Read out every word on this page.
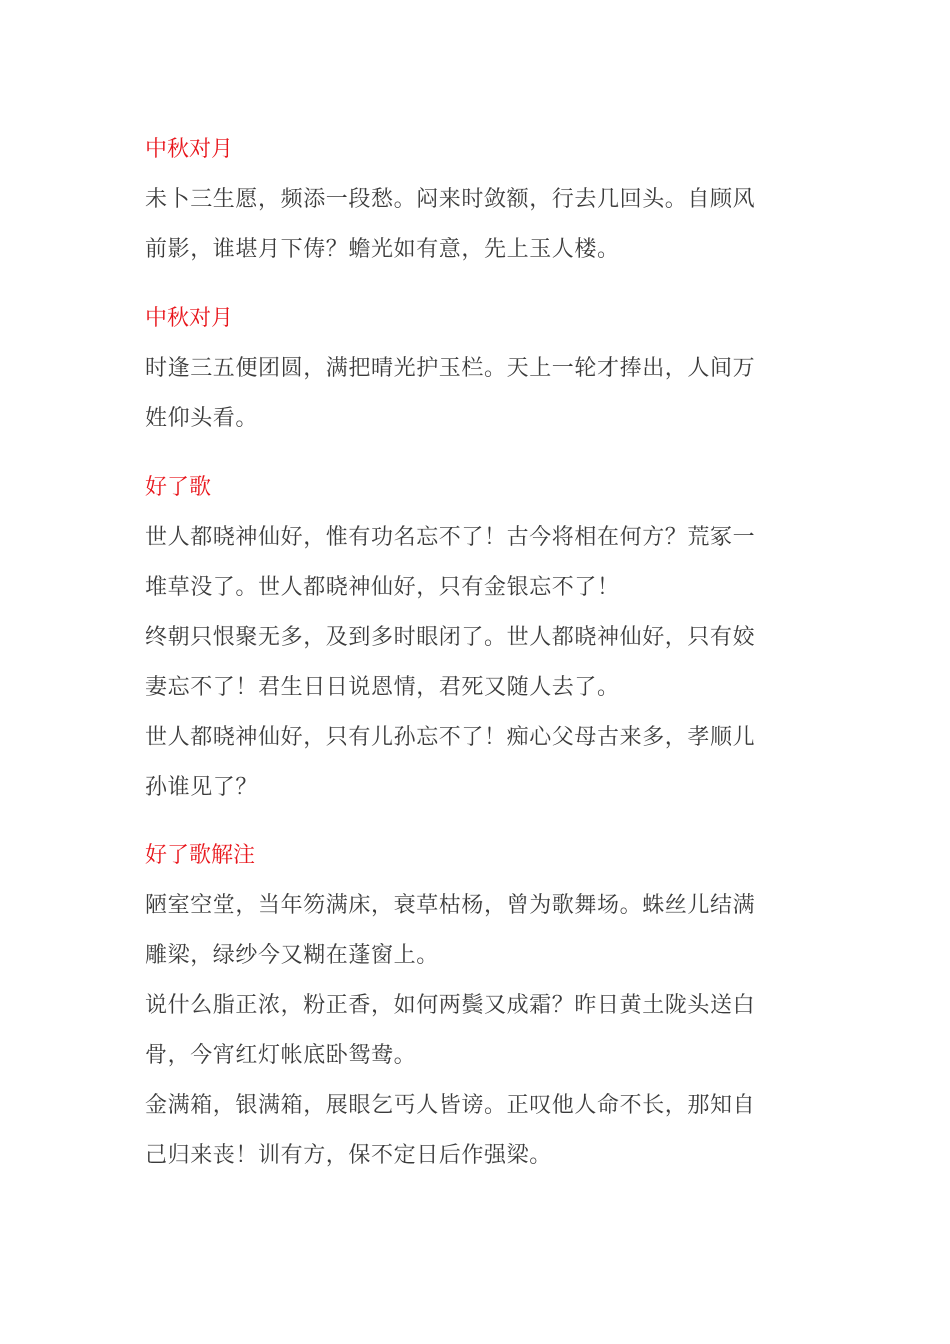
中秋对月
未卜三生愿，频添一段愁。闷来时敛额，行去几回头。自顾风
前影，谁堪月下俦？蟾光如有意，先上玉人楼。
中秋对月
时逢三五便团圆，满把晴光护玉栏。天上一轮才捧出，人间万
姓仰头看。
好了歌
世人都晓神仙好，惟有功名忘不了！古今将相在何方？荒冢一
堆草没了。世人都晓神仙好，只有金银忘不了！
终朝只恨聚无多，及到多时眼闭了。世人都晓神仙好，只有姣
妻忘不了！君生日日说恩情，君死又随人去了。
世人都晓神仙好，只有儿孙忘不了！痴心父母古来多，孝顺儿
孙谁见了？
好了歌解注
陋室空堂，当年笏满床，衰草枯杨，曾为歌舞场。蛛丝儿结满
雕梁，绿纱今又糊在蓬窗上。
说什么脂正浓，粉正香，如何两鬓又成霜？昨日黄土陇头送白
骨，今宵红灯帐底卧鸳鸯。
金满箱，银满箱，展眼乞丐人皆谤。正叹他人命不长，那知自
己归来丧！训有方，保不定日后作强梁。
